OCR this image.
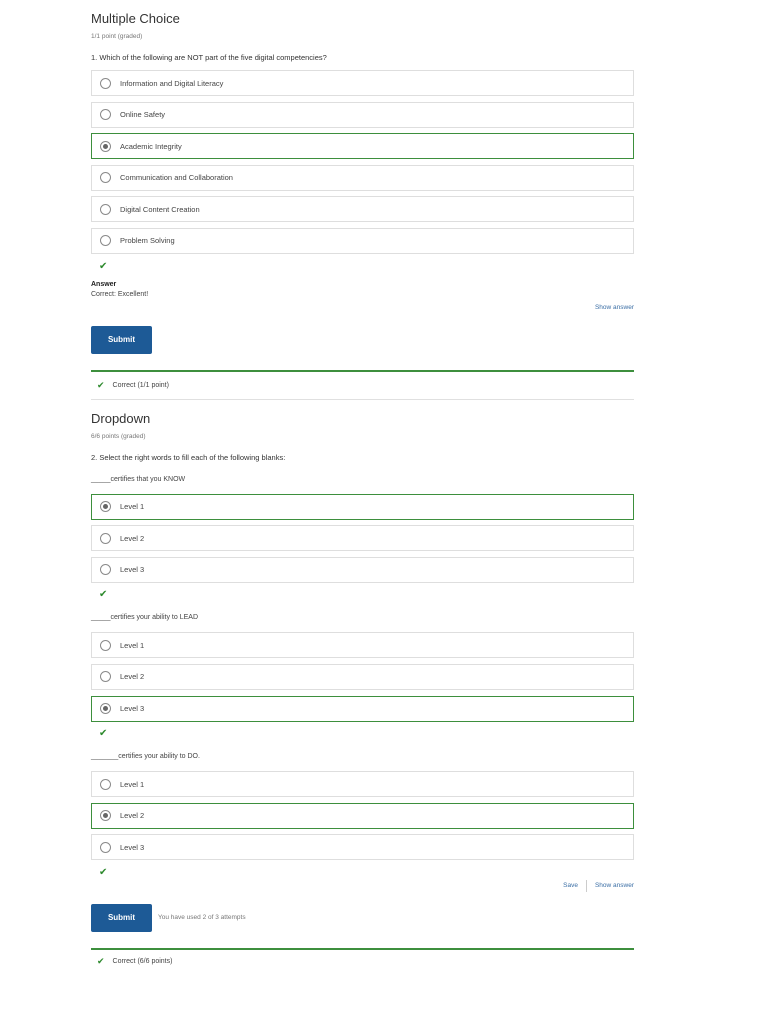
Multiple Choice
1/1 point (graded)
1. Which of the following are NOT part of the five digital competencies?
Information and Digital Literacy
Online Safety
Academic Integrity
Communication and Collaboration
Digital Content Creation
Problem Solving
✔
Answer
Correct: Excellent!
Show answer
Submit
✔ Correct (1/1 point)
Dropdown
6/6 points (graded)
2. Select the right words to fill each of the following blanks:
_____certifies that you KNOW
Level 1
Level 2
Level 3
✔
_____certifies your ability to LEAD
Level 1
Level 2
Level 3
✔
_______certifies your ability to DO.
Level 1
Level 2
Level 3
✔
Save	Show answer
Submit	You have used 2 of 3 attempts
✔ Correct (6/6 points)
